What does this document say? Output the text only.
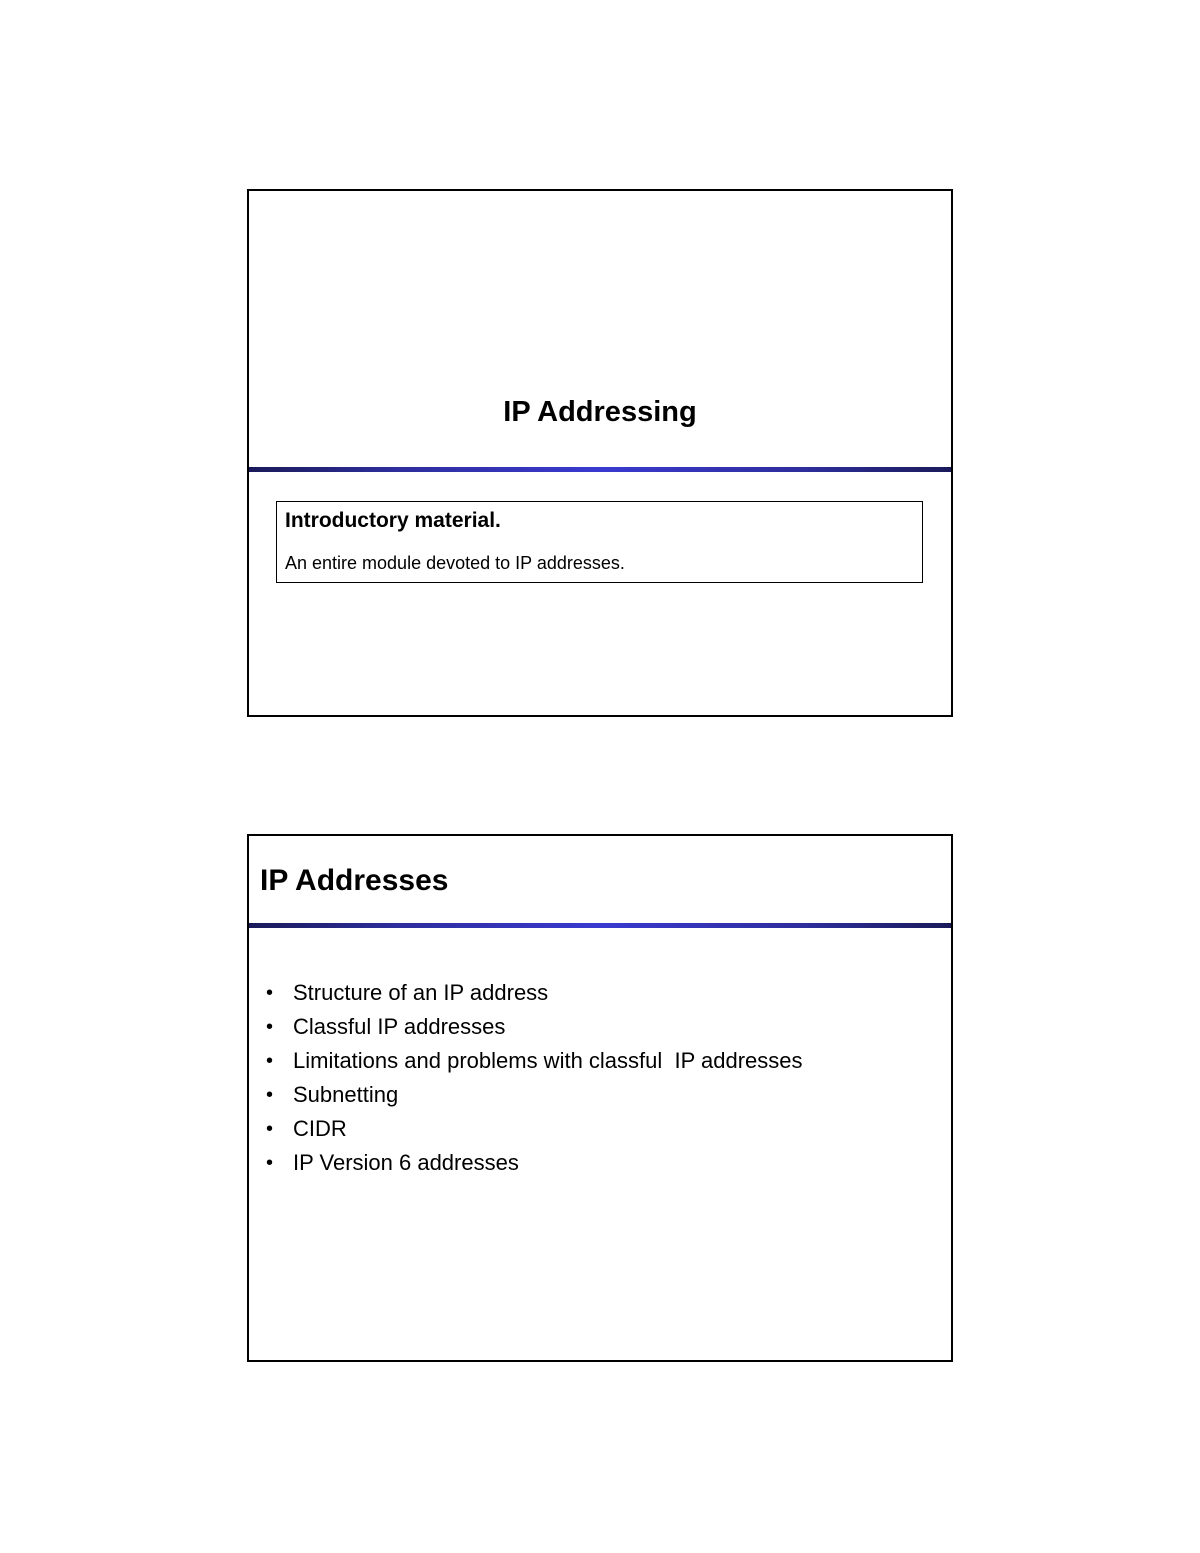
IP Addressing

Introductory material.

An entire module devoted to IP addresses.
IP Addresses
• Structure of an IP address
• Classful IP addresses
• Limitations and problems with classful  IP addresses
• Subnetting
• CIDR
• IP Version 6 addresses
